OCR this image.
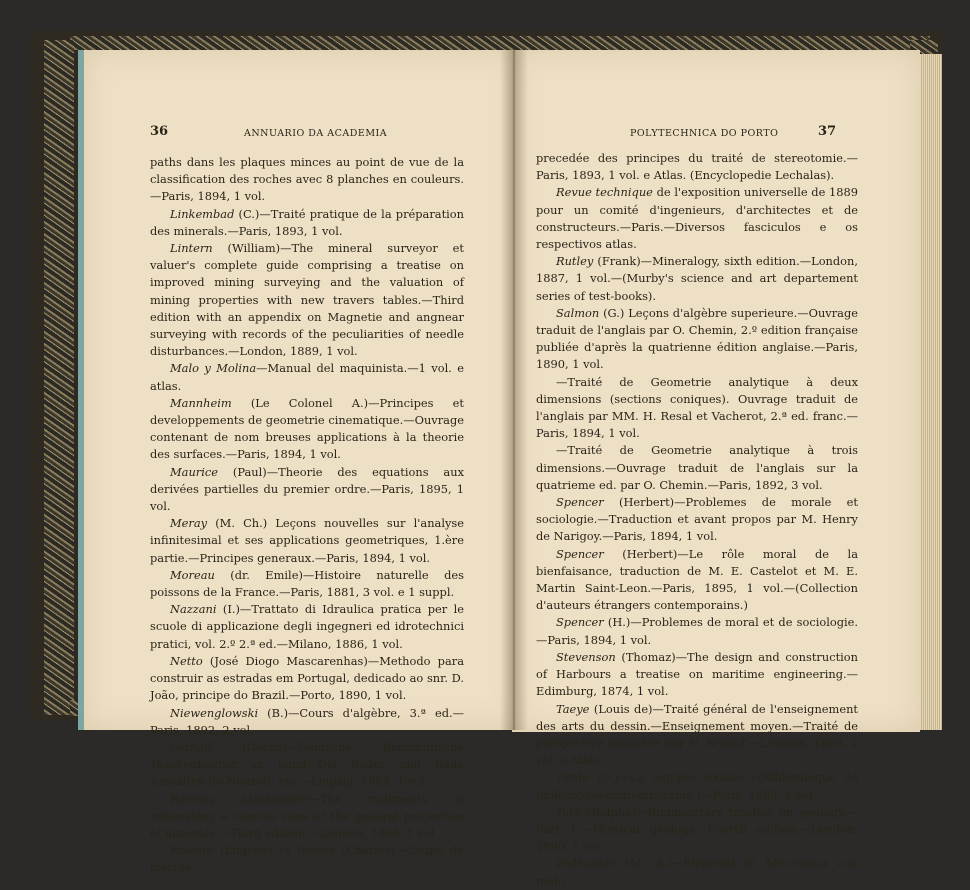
36	ANNUARIO DA ACADEMIA

paths dans les plaques minces au point de vue de la classification des roches avec 8 planches en couleurs.—Paris, 1894, 1 vol.

Linkembad (C.)—Traité pratique de la préparation des minerals.—Paris, 1893, 1 vol.

Lintern (William)—The mineral surveyor et valuer's complete guide comprising a treatise on improved mining surveying and the valuation of mining properties with new travers tables.—Third edition with an appendix on Magnetie and angnear surveying with records of the peculiarities of needle disturbances.—London, 1889, 1 vol.

Malo y Molina—Manual del maquinista.—1 vol. e atlas.

Mannheim (Le Colonel A.)—Principes et developpements de geometrie cinematique.—Ouvrage contenant de nom breuses applications à la theorie des surfaces.—Paris, 1894, 1 vol.

Maurice (Paul)—Theorie des equations aux derivées partielles du premier ordre.—Paris, 1895, 1 vol.

Meray (M. Ch.) Leçons nouvelles sur l'analyse infinitesimal et ses applications geometriques, 1.ère partie.—Principes generaux.—Paris, 1894, 1 vol.

Moreau (dr. Emile)—Histoire naturelle des poissons de la France.—Paris, 1881, 3 vol. e 1 suppl.

Nazzani (I.)—Trattato di Idraulica pratica per le scuole di applicazione degli ingegneri ed idrotechnici pratici, vol. 2.º 2.ª ed.—Milano, 1886, 1 vol.

Netto (José Diogo Mascarenhas)—Methodo para construir as estradas em Portugal, dedicado ao snr. D. João, principe do Brazil.—Porto, 1890, 1 vol.

Niewenglowski (B.)—Cours d'algèbre, 3.ª ed.—Paris, 1892, 2 vol.

Osthoff (Georg)—Deutsche Bantchunsche Taschenbucher xx band—Die Bader und Bade Anstalten de Neuzeit, etc.—Leipzig, 1889, 1 vol.

Ramsay (Alexander)—The rudiments of mineralogy a concise view of the general properties of minerals.—Third edition.—London, 1885, 1 vol.

Rouché (Eugene) et Buisse (Charles)—Coupe de pierres,

POLYTECHNICA DO PORTO	37

precedée des principes du traité de stereotomie.—Paris, 1893, 1 vol. e Atlas. (Encyclopedie Lechalas).

Revue technique de l'exposition universelle de 1889 pour un comité d'ingenieurs, d'architectes et de constructeurs.—Paris.—Diversos fasciculos e os respectivos atlas.

Rutley (Frank)—Mineralogy, sixth edition.—London, 1887, 1 vol.—(Murby's science and art departement series of test-books).

Salmon (G.) Leçons d'algèbre superieure.—Ouvrage traduit de l'anglais par O. Chemin, 2.º edition française publiée d'après la quatrienne édition anglaise.—Paris, 1890, 1 vol.

—Traité de Geometrie analytique à deux dimensions (sections coniques). Ouvrage traduit de l'anglais par MM. H. Resal et Vacherot, 2.ª ed. franc.—Paris, 1894, 1 vol.

—Traité de Geometrie analytique à trois dimensions.—Ouvrage traduit de l'anglais sur la quatrieme ed. par O. Chemin.—Paris, 1892, 3 vol.

Spencer (Herbert)—Problemes de morale et sociologie.—Traduction et avant propos par M. Henry de Narigoy.—Paris, 1894, 1 vol.

Spencer (Herbert)—Le rôle moral de la bienfaisance, traduction de M. E. Castelot et M. E. Martin Saint-Leon.—Paris, 1895, 1 vol.—(Collection d'auteurs étrangers contemporains.)

Spencer (H.)—Problemes de moral et de sociologie.—Paris, 1894, 1 vol.

Stevenson (Thomaz)—The design and construction of Harbours a treatise on maritime engineering.—Edimburg, 1874, 1 vol.

Taeye (Louis de)—Traité général de l'enseignement des arts du dessin.—Enseignement moyen.—Traité de perspective cavalière par N. Breitof.—Louvain, 1880, 1 vol. e Atlas.

Tarde (G.)—La logique sociale.—(Bibliotheque de philosophie contemporaine.)—Paris, 1885, 1 vol.

Tate (Rolphe)—Rudimentary treatise on geology.—Part 1.—Physical geology, Fourth edition.—London, 1890, 1 vol.

Todhunter (M. A.)—Elementi di Meccanica con moto
